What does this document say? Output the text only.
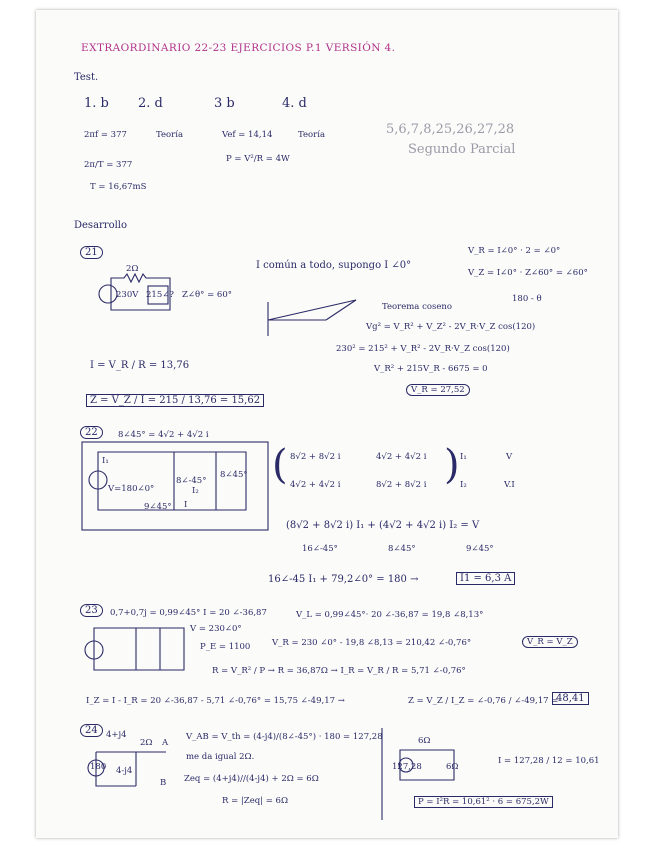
EXTRAORDINARIO 22-23 EJERCICIOS P.1 VERSIÓN 4.
Test.
1. b 2. d	3 b	4. d
2πf = 377	Teoría	Vef = 14,14	Teoría
2π/T = 377
P = V²/R = 4W
T = 16,67mS
5,6,7,8,25,26,27,28
Segundo Parcial
Desarrollo
21
2Ω
230V 215∠? Z∠θ° = 60°
I común a todo, supongo I ∠0°
V_R = I∠0° · 2 = ∠0°
V_Z = I∠0° · Z∠60° = ∠60°
Teorema coseno
180 - θ
Vg² = V_R² + V_Z² - 2V_R·V_Z cos(120)
230² = 215² + V_R² - 2V_R·V_Z cos(120)
V_R² + 215V_R - 6675 = 0
V_R = 27,52
I = V_R / R = 13,76
Z = V_Z / I = 215 / 13,76 = 15,62
22	8∠45° = 4√2 + 4√2 i
I₁
V=180∠0°
8∠-45°
8∠45°
9∠45°
I₂
I
( 8√2 + 8√2 i	4√2 + 4√2 i
4√2 + 4√2 i	8√2 + 8√2 i ) I₁
I₂
V
V.I
(8√2 + 8√2 i) I₁ + (4√2 + 4√2 i) I₂ = V
16∠-45°	8∠45°	9∠45°
16∠-45 I₁ + 79,2∠0° = 180 →	I1 = 6,3 A
23	0,7+0,7j = 0,99∠45° I = 20 ∠-36,87
V = 230∠0°
P_E = 1100
V_L = 0,99∠45°· 20 ∠-36,87 = 19,8 ∠8,13°
V_R = 230 ∠0° - 19,8 ∠8,13 = 210,42 ∠-0,76°	V_R = V_Z
R = V_R² / P → R = 36,87Ω → I_R = V_R / R = 5,71 ∠-0,76°
I_Z = I - I_R = 20 ∠-36,87 - 5,71 ∠-0,76° = 15,75 ∠-49,17 →	Z = V_Z / I_Z = ∠-0,76 / ∠-49,17 =
48,41
24 4+j4
2Ω A
180 4-j4
B
V_AB = V_th = (4-j4)/(8∠-45°) · 180 = 127,28
me da igual 2Ω.
Zeq = (4+j4)//(4-j4) + 2Ω = 6Ω
R = |Zeq| = 6Ω
6Ω
127,28	6Ω
I = 127,28 / 12 = 10,61
P = I²R = 10,61² · 6 = 675,2W
